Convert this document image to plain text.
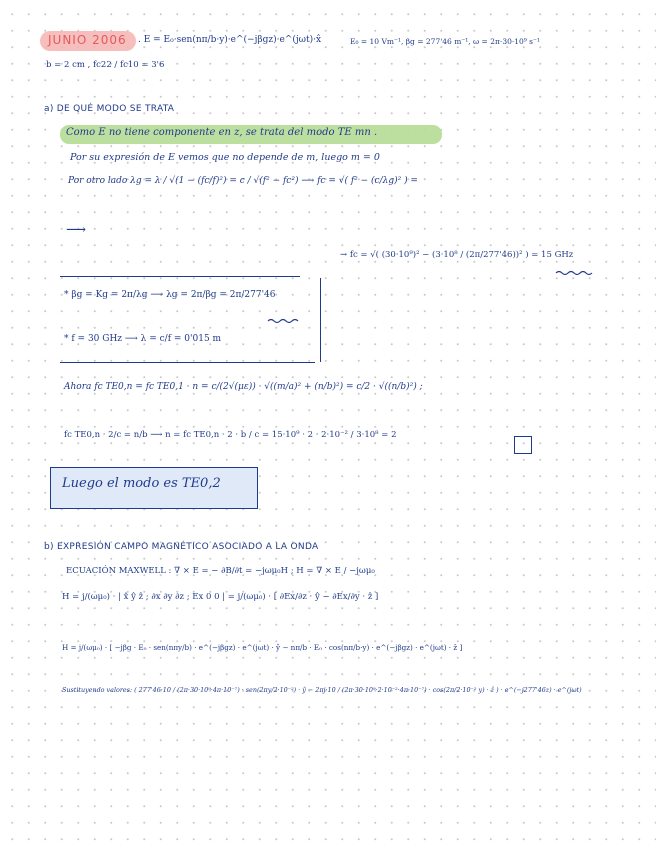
JUNIO 2006 . E = E₀·sen(nπ/b·y)·e^(−jβgz)·e^(jωt)·x̂	E₀ = 10 Vm⁻¹, βg = 277'46 m⁻¹, ω = 2π·30·10⁹ s⁻¹
b = 2 cm , fc22 / fc10 = 3'6
a) DE QUÉ MODO SE TRATA
Como E no tiene componente en z, se trata del modo TE mn .
Por su expresión de E vemos que no depende de m, luego m = 0
Por otro lado λg = λ / √(1 − (fc/f)²) = c / √(f² − fc²) ⟶ fc = √( f² − (c/λg)² ) =
⟶
→ fc = √( (30·10⁹)² − (3·10⁸ / (2π/277'46))² ) = 15 GHz
* βg = Kg = 2π/λg ⟶ λg = 2π/βg = 2π/277'46
* f = 30 GHz ⟶ λ = c/f = 0'015 m
Ahora fc TE0,n = fc TE0,1 · n = c/(2√(με)) · √((m/a)² + (n/b)²) = c/2 · √((n/b)²) ;
fc TE0,n · 2/c = n/b ⟶ n = fc TE0,n · 2 · b / c = 15·10⁹ · 2 · 2·10⁻² / 3·10⁸ = 2
Luego el modo es TE0,2
b) EXPRESIÓN CAMPO MAGNÉTICO ASOCIADO A LA ONDA
ECUACIÓN MAXWELL : ∇ × E = − ∂B/∂t = −jωμ₀H ; H = ∇ × E / −jωμ₀
H = j/(ωμ₀) · | x̂ ŷ ẑ ; ∂x ∂y ∂z ; Ex 0 0 | = j/(ωμ₀) · [ ∂Ex/∂z · ŷ − ∂Ex/∂y · ẑ ]
H = j/(ωμ₀) · [ −jβg · E₀ · sen(nπy/b) · e^(−jβgz) · e^(jωt) · ŷ − nπ/b · E₀ · cos(nπ/b·y) · e^(−jβgz) · e^(jωt) · ẑ ]
Sustituyendo valores: ( 277'46·10 / (2π·30·10⁹·4π·10⁻⁷) · sen(2πy/2·10⁻²) · ŷ − 2πj·10 / (2π·30·10⁹·2·10⁻²·4π·10⁻⁷) · cos(2π/2·10⁻² y) · ẑ ) · e^(−j277'46z) · e^(jωt)
